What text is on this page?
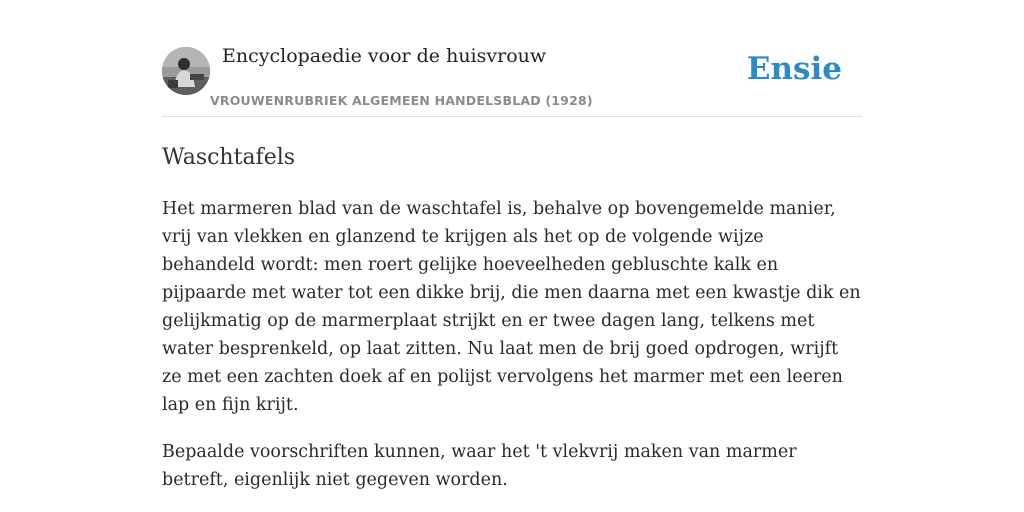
Encyclopaedie voor de huisvrouw
VROUWENRUBRIEK ALGEMEEN HANDELSBLAD (1928)
Ensie
Waschtafels

Het marmeren blad van de waschtafel is, behalve op bovengemelde manier, vrij van vlekken en glanzend te krijgen als het op de volgende wijze behandeld wordt: men roert gelijke hoeveelheden gebluschte kalk en pijpaarde met water tot een dikke brij, die men daarna met een kwastje dik en gelijkmatig op de marmerplaat strijkt en er twee dagen lang, telkens met water besprenkeld, op laat zitten. Nu laat men de brij goed opdrogen, wrijft ze met een zachten doek af en polijst vervolgens het marmer met een leeren lap en fijn krijt.

Bepaalde voorschriften kunnen, waar het 't vlekvrij maken van marmer betreft, eigenlijk niet gegeven worden.
